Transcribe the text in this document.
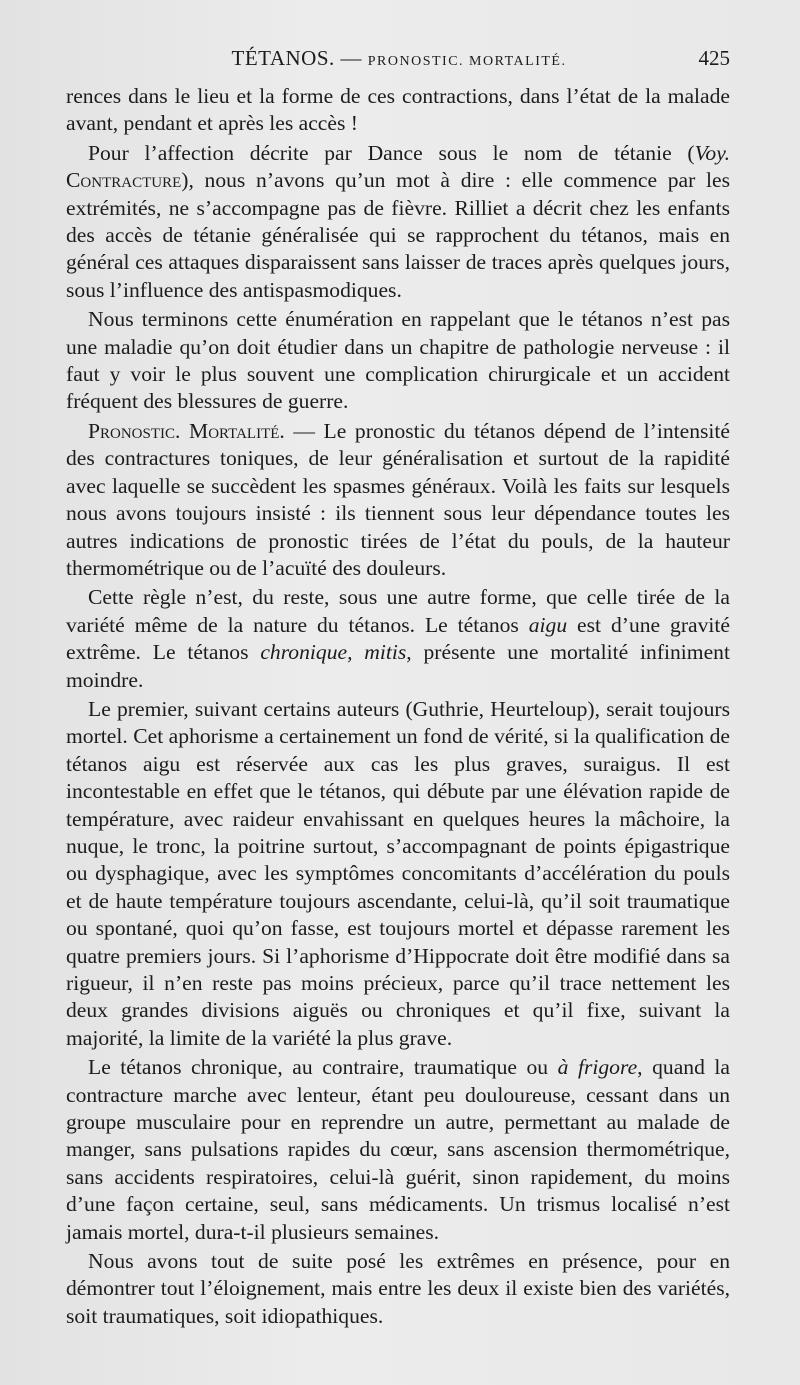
TÉTANOS. — PRONOSTIC. MORTALITÉ.	425

rences dans le lieu et la forme de ces contractions, dans l’état de la malade avant, pendant et après les accès !

Pour l’affection décrite par Dance sous le nom de tétanie (Voy. Contracture), nous n’avons qu’un mot à dire : elle commence par les extrémités, ne s’accompagne pas de fièvre. Rilliet a décrit chez les enfants des accès de tétanie généralisée qui se rapprochent du tétanos, mais en général ces attaques disparaissent sans laisser de traces après quelques jours, sous l’influence des antispasmodiques.

Nous terminons cette énumération en rappelant que le tétanos n’est pas une maladie qu’on doit étudier dans un chapitre de pathologie nerveuse : il faut y voir le plus souvent une complication chirurgicale et un accident fréquent des blessures de guerre.

Pronostic. Mortalité. — Le pronostic du tétanos dépend de l’intensité des contractures toniques, de leur généralisation et surtout de la rapidité avec laquelle se succèdent les spasmes généraux. Voilà les faits sur lesquels nous avons toujours insisté : ils tiennent sous leur dépendance toutes les autres indications de pronostic tirées de l’état du pouls, de la hauteur thermométrique ou de l’acuïté des douleurs.

Cette règle n’est, du reste, sous une autre forme, que celle tirée de la variété même de la nature du tétanos. Le tétanos aigu est d’une gravité extrême. Le tétanos chronique, mitis, présente une mortalité infiniment moindre.

Le premier, suivant certains auteurs (Guthrie, Heurteloup), serait toujours mortel. Cet aphorisme a certainement un fond de vérité, si la qualification de tétanos aigu est réservée aux cas les plus graves, suraigus. Il est incontestable en effet que le tétanos, qui débute par une élévation rapide de température, avec raideur envahissant en quelques heures la mâchoire, la nuque, le tronc, la poitrine surtout, s’accompagnant de points épigastrique ou dysphagique, avec les symptômes concomitants d’accélération du pouls et de haute température toujours ascendante, celui-là, qu’il soit traumatique ou spontané, quoi qu’on fasse, est toujours mortel et dépasse rarement les quatre premiers jours. Si l’aphorisme d’Hippocrate doit être modifié dans sa rigueur, il n’en reste pas moins précieux, parce qu’il trace nettement les deux grandes divisions aiguës ou chroniques et qu’il fixe, suivant la majorité, la limite de la variété la plus grave.

Le tétanos chronique, au contraire, traumatique ou à frigore, quand la contracture marche avec lenteur, étant peu douloureuse, cessant dans un groupe musculaire pour en reprendre un autre, permettant au malade de manger, sans pulsations rapides du cœur, sans ascension thermométrique, sans accidents respiratoires, celui-là guérit, sinon rapidement, du moins d’une façon certaine, seul, sans médicaments. Un trismus localisé n’est jamais mortel, dura-t-il plusieurs semaines.

Nous avons tout de suite posé les extrêmes en présence, pour en démontrer tout l’éloignement, mais entre les deux il existe bien des variétés, soit traumatiques, soit idiopathiques.
